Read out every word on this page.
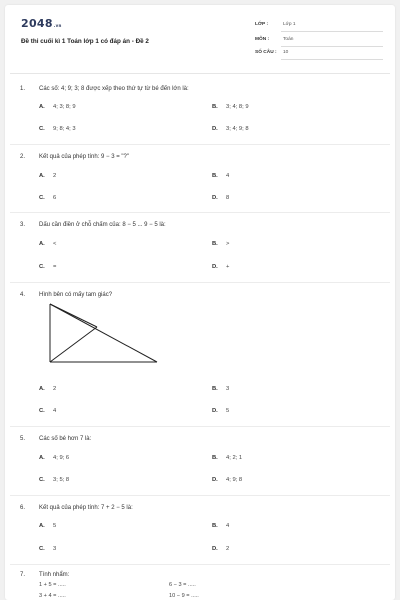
2048.vn
Đề thi cuối kì 1 Toán lớp 1 có đáp án - Đề 2
LỚP :	Lớp 1
MÔN :	Toán
SỐ CÂU : 10
1. Các số: 4; 9; 3; 8 được xếp theo thứ tự từ bé đến lớn là:
A. 4; 3; 8; 9	B. 3; 4; 8; 9
C. 9; 8; 4; 3	D. 3; 4; 9; 8
2. Kết quả của phép tính: 9 − 3 = "?"
A. 2	B. 4
C. 6	D. 8
3. Dấu cần điền ở chỗ chấm của: 8 − 5 ... 9 − 5 là:
A. <	B. >
C. =	D. +
4. Hình bên có mấy tam giác?
A. 2	B. 3
C. 4	D. 5
5. Các số bé hơn 7 là:
A. 4; 9; 6	B. 4; 2; 1
C. 3; 5; 8	D. 4; 9; 8
6. Kết quả của phép tính: 7 + 2 − 5 là:
A. 5	B. 4
C. 3	D. 2
7. Tính nhẩm:
1 + 5 = .....	6 − 3 = .....
3 + 4 = .....	10 − 9 = .....
